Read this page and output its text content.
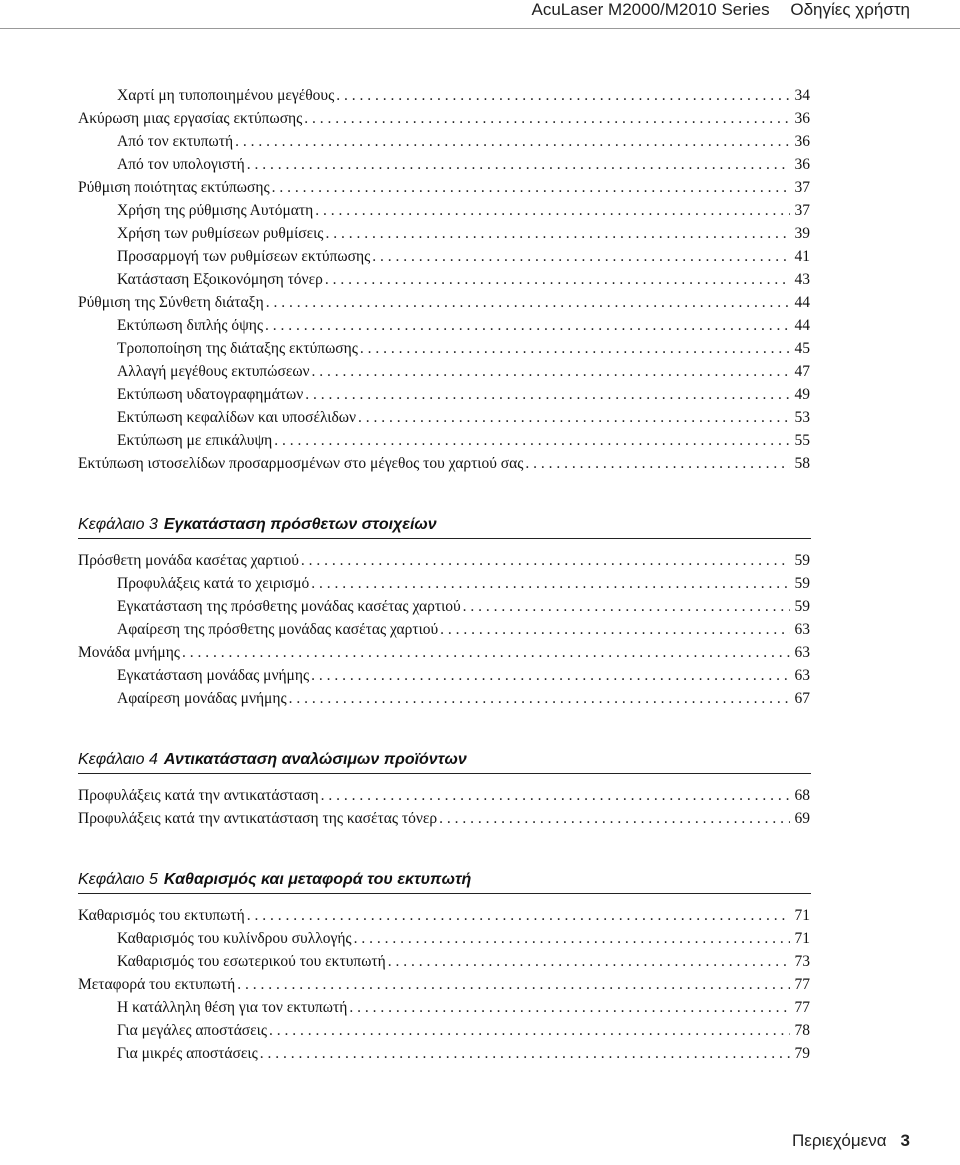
AcuLaser M2000/M2010 Series Οδηγίες χρήστη
Χαρτί μη τυποποιημένου μεγέθους . . .	34
Ακύρωση μιας εργασίας εκτύπωσης . . .	36
Από τον εκτυπωτή . . .	36
Από τον υπολογιστή . . .	36
Ρύθμιση ποιότητας εκτύπωσης . . .	37
Χρήση της ρύθμισης Αυτόματη . . .	37
Χρήση των ρυθμίσεων ρυθμίσεις . . .	39
Προσαρμογή των ρυθμίσεων εκτύπωσης . . .	41
Κατάσταση Εξοικονόμηση τόνερ . . .	43
Ρύθμιση της Σύνθετη διάταξη . . .	44
Εκτύπωση διπλής όψης . . .	44
Τροποποίηση της διάταξης εκτύπωσης . . .	45
Αλλαγή μεγέθους εκτυπώσεων . . .	47
Εκτύπωση υδατογραφημάτων . . .	49
Εκτύπωση κεφαλίδων και υποσέλιδων . . .	53
Εκτύπωση με επικάλυψη . . .	55
Εκτύπωση ιστοσελίδων προσαρμοσμένων στο μέγεθος του χαρτιού σας . . .	58
Κεφάλαιο 3 Εγκατάσταση πρόσθετων στοιχείων
Πρόσθετη μονάδα κασέτας χαρτιού . . .	59
Προφυλάξεις κατά το χειρισμό . . .	59
Εγκατάσταση της πρόσθετης μονάδας κασέτας χαρτιού . . .	59
Αφαίρεση της πρόσθετης μονάδας κασέτας χαρτιού . . .	63
Μονάδα μνήμης . . .	63
Εγκατάσταση μονάδας μνήμης . . .	63
Αφαίρεση μονάδας μνήμης . . .	67
Κεφάλαιο 4 Αντικατάσταση αναλώσιμων προϊόντων
Προφυλάξεις κατά την αντικατάσταση . . .	68
Προφυλάξεις κατά την αντικατάσταση της κασέτας τόνερ . . .	69
Κεφάλαιο 5 Καθαρισμός και μεταφορά του εκτυπωτή
Καθαρισμός του εκτυπωτή . . .	71
Καθαρισμός του κυλίνδρου συλλογής . . .	71
Καθαρισμός του εσωτερικού του εκτυπωτή . . .	73
Μεταφορά του εκτυπωτή . . .	77
Η κατάλληλη θέση για τον εκτυπωτή . . .	77
Για μεγάλες αποστάσεις . . .	78
Για μικρές αποστάσεις . . .	79
Περιεχόμενα 3
